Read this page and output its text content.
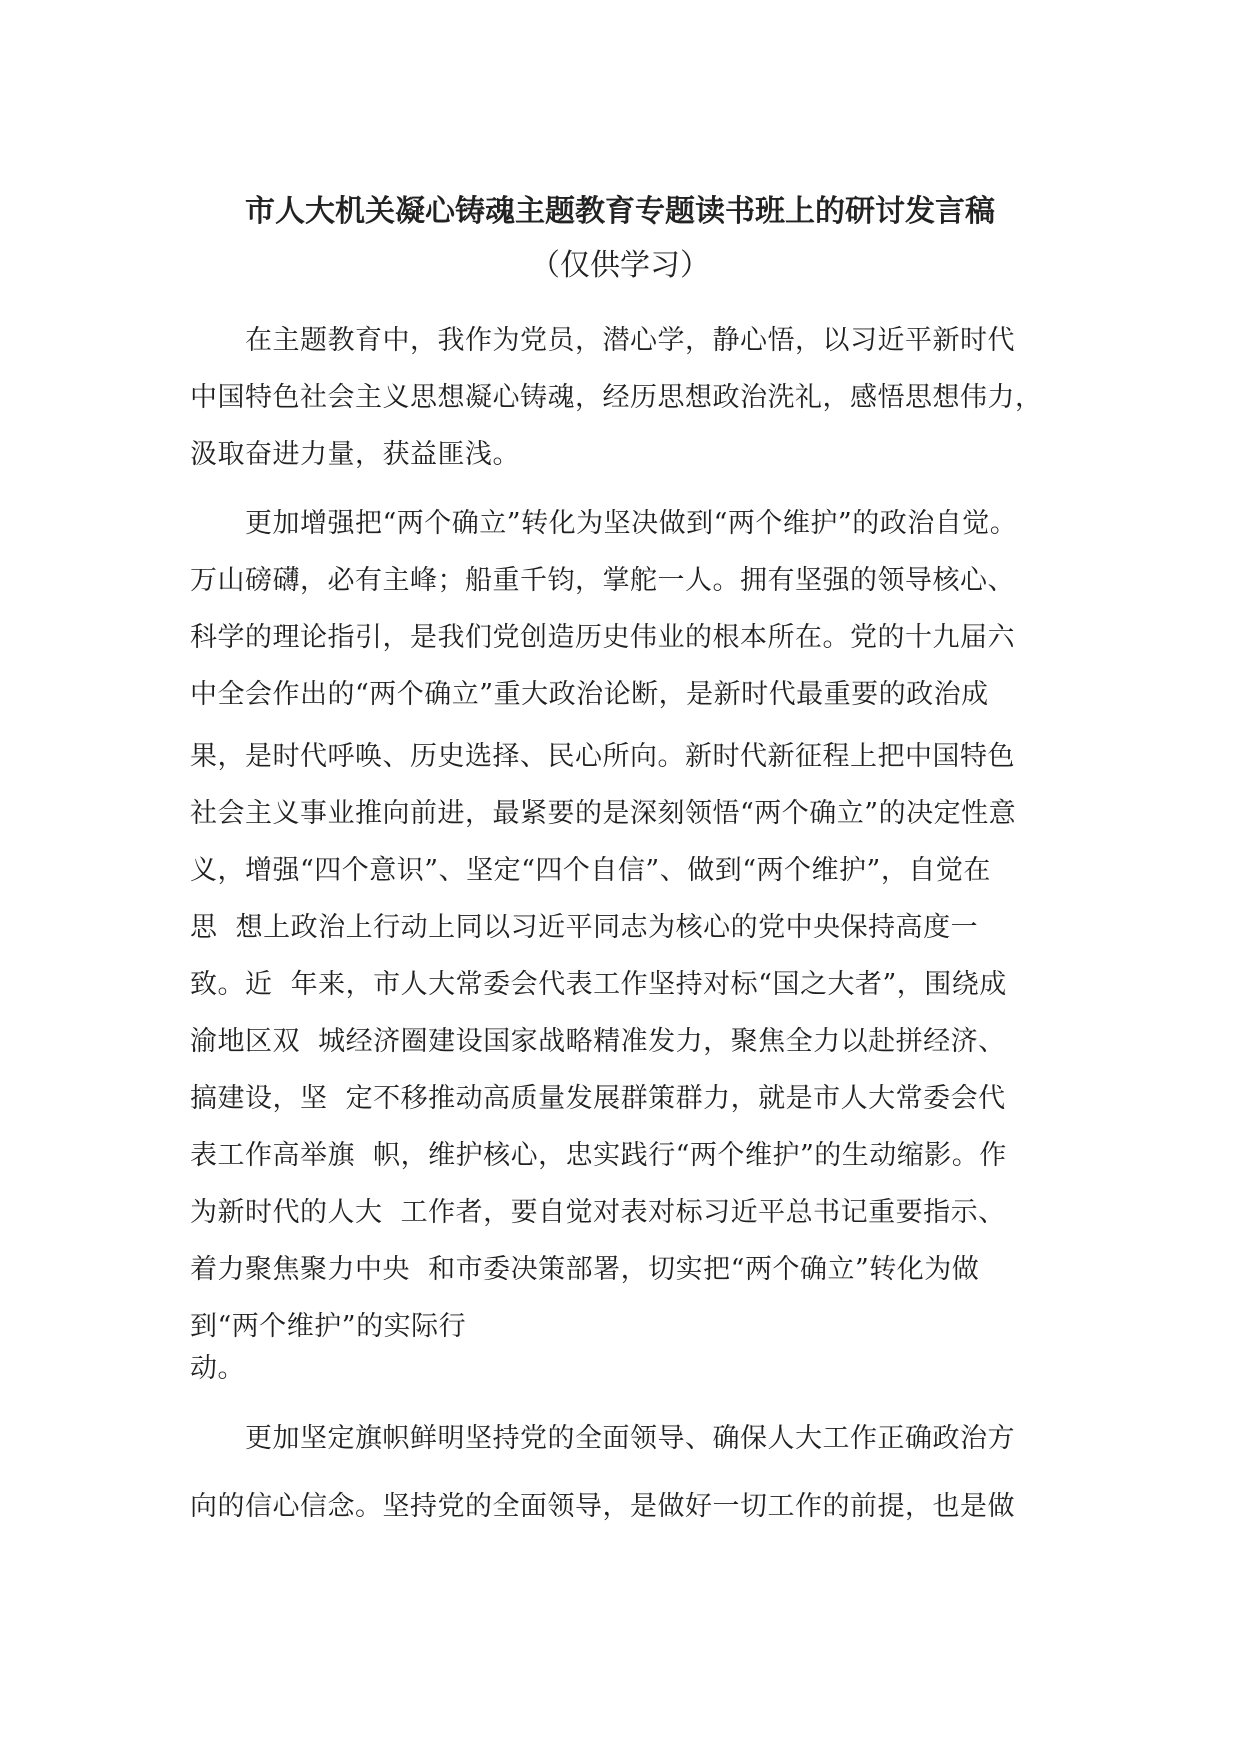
市人大机关凝心铸魂主题教育专题读书班上的研讨发言稿
（仅供学习）
　　在主题教育中，我作为党员，潜心学，静心悟，以习近平新时代
中国特色社会主义思想凝心铸魂，经历思想政治洗礼，感悟思想伟力，
汲取奋进力量，获益匪浅。
　　更加增强把“两个确立”转化为坚决做到“两个维护”的政治自觉。
万山磅礴，必有主峰；船重千钧，掌舵一人。拥有坚强的领导核心、
科学的理论指引，是我们党创造历史伟业的根本所在。党的十九届六
中全会作出的“两个确立”重大政治论断，是新时代最重要的政治成
果，是时代呼唤、历史选择、民心所向。新时代新征程上把中国特色
社会主义事业推向前进，最紧要的是深刻领悟“两个确立”的决定性意
义，增强“四个意识”、坚定“四个自信”、做到“两个维护”，自觉在
思  想上政治上行动上同以习近平同志为核心的党中央保持高度一
致。近  年来，市人大常委会代表工作坚持对标“国之大者”，围绕成
渝地区双  城经济圈建设国家战略精准发力，聚焦全力以赴拼经济、
搞建设，坚  定不移推动高质量发展群策群力，就是市人大常委会代
表工作高举旗  帜，维护核心，忠实践行“两个维护”的生动缩影。作
为新时代的人大  工作者，要自觉对表对标习近平总书记重要指示、
着力聚焦聚力中央  和市委决策部署，切实把“两个确立”转化为做
到“两个维护”的实际行
动。
　　更加坚定旗帜鲜明坚持党的全面领导、确保人大工作正确政治方
向的信心信念。坚持党的全面领导，是做好一切工作的前提，也是做
